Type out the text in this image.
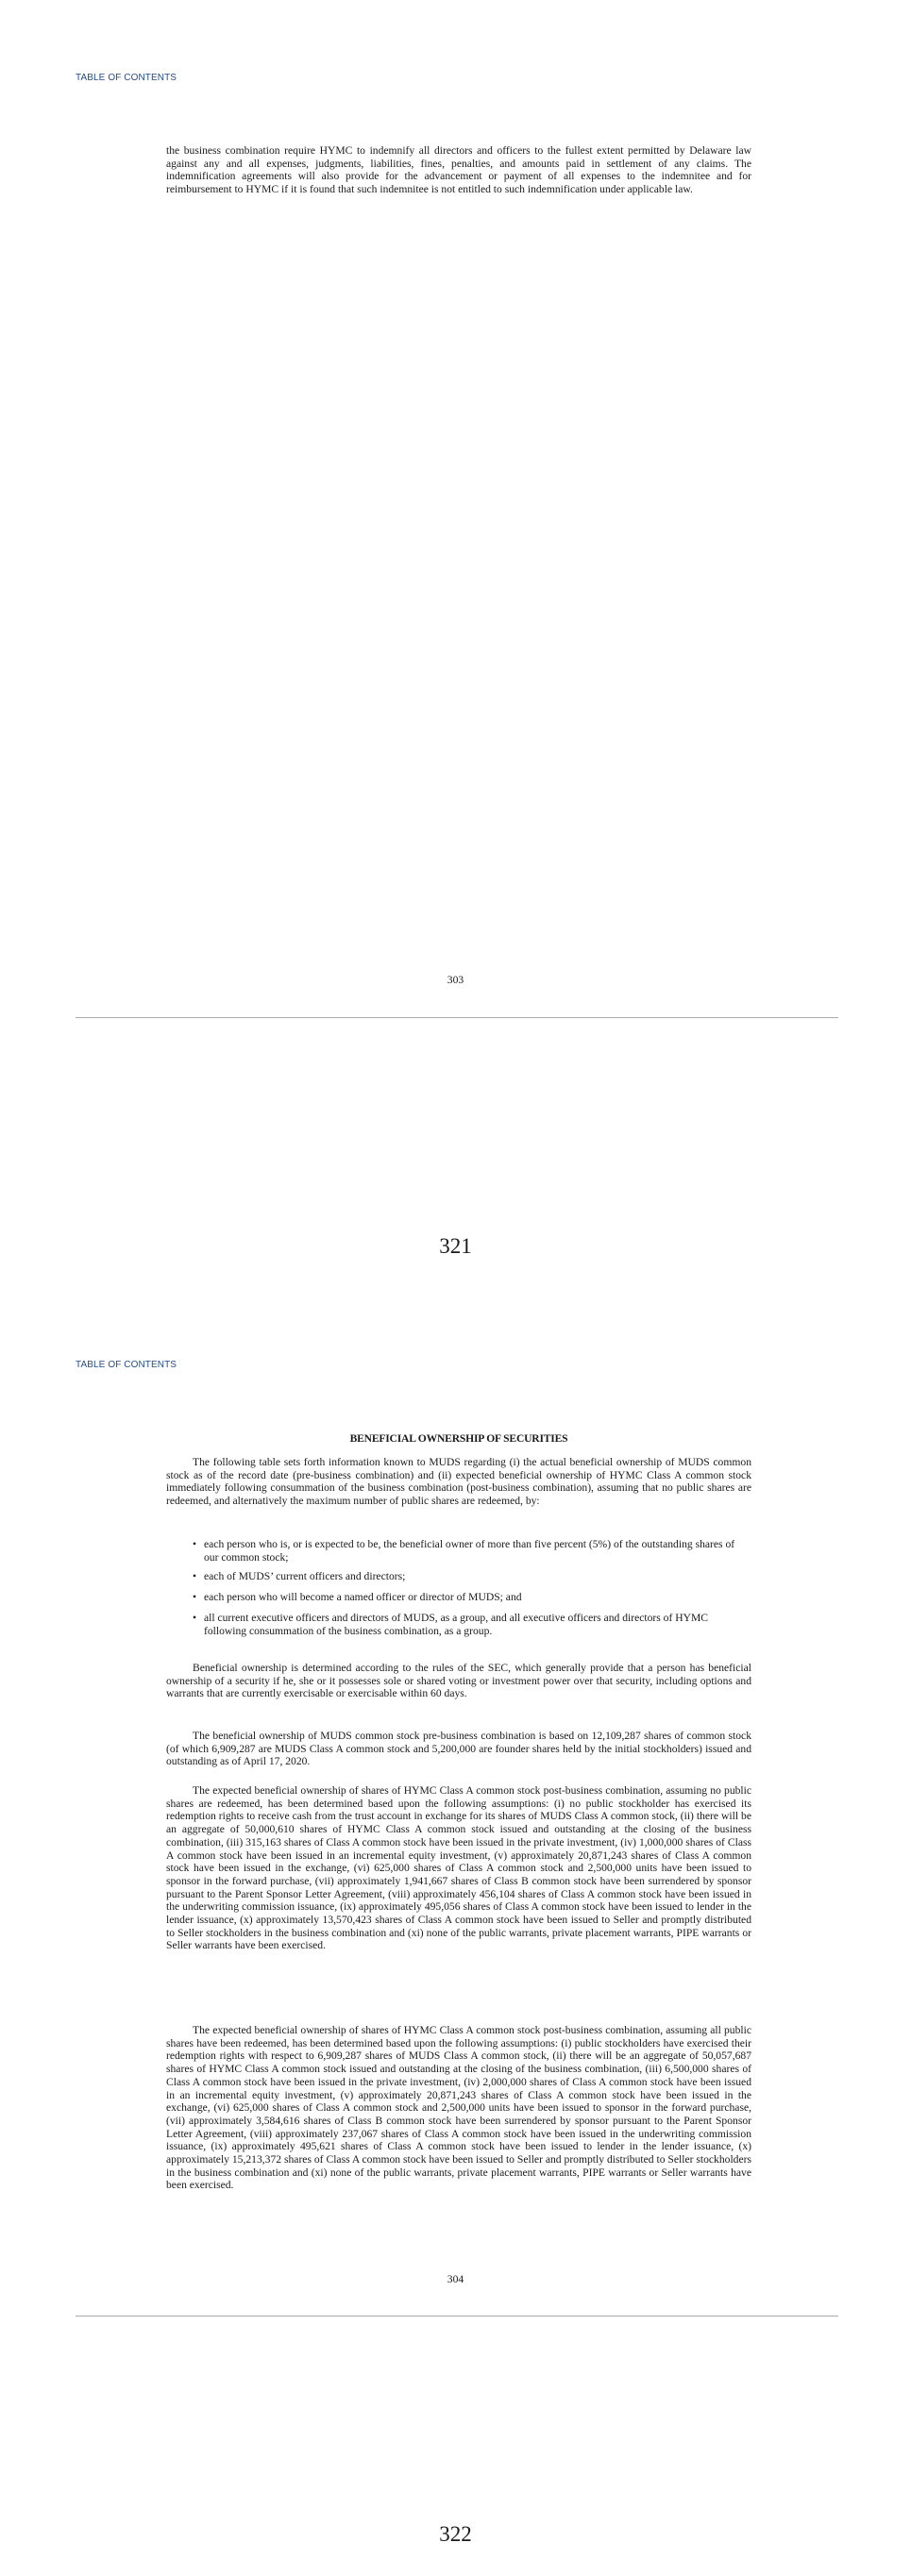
TABLE OF CONTENTS

the business combination require HYMC to indemnify all directors and officers to the fullest extent permitted by Delaware law against any and all expenses, judgments, liabilities, fines, penalties, and amounts paid in settlement of any claims. The indemnification agreements will also provide for the advancement or payment of all expenses to the indemnitee and for reimbursement to HYMC if it is found that such indemnitee is not entitled to such indemnification under applicable law.

303
321
TABLE OF CONTENTS
BENEFICIAL OWNERSHIP OF SECURITIES

The following table sets forth information known to MUDS regarding (i) the actual beneficial ownership of MUDS common stock as of the record date (pre-business combination) and (ii) expected beneficial ownership of HYMC Class A common stock immediately following consummation of the business combination (post-business combination), assuming that no public shares are redeemed, and alternatively the maximum number of public shares are redeemed, by:

• each person who is, or is expected to be, the beneficial owner of more than five percent (5%) of the outstanding shares of our common stock;
• each of MUDS’ current officers and directors;
• each person who will become a named officer or director of MUDS; and
• all current executive officers and directors of MUDS, as a group, and all executive officers and directors of HYMC following consummation of the business combination, as a group.

Beneficial ownership is determined according to the rules of the SEC, which generally provide that a person has beneficial ownership of a security if he, she or it possesses sole or shared voting or investment power over that security, including options and warrants that are currently exercisable or exercisable within 60 days.

The beneficial ownership of MUDS common stock pre-business combination is based on 12,109,287 shares of common stock (of which 6,909,287 are MUDS Class A common stock and 5,200,000 are founder shares held by the initial stockholders) issued and outstanding as of April 17, 2020.

The expected beneficial ownership of shares of HYMC Class A common stock post-business combination, assuming no public shares are redeemed, has been determined based upon the following assumptions: (i) no public stockholder has exercised its redemption rights to receive cash from the trust account in exchange for its shares of MUDS Class A common stock, (ii) there will be an aggregate of 50,000,610 shares of HYMC Class A common stock issued and outstanding at the closing of the business combination, (iii) 315,163 shares of Class A common stock have been issued in the private investment, (iv) 1,000,000 shares of Class A common stock have been issued in an incremental equity investment, (v) approximately 20,871,243 shares of Class A common stock have been issued in the exchange, (vi) 625,000 shares of Class A common stock and 2,500,000 units have been issued to sponsor in the forward purchase, (vii) approximately 1,941,667 shares of Class B common stock have been surrendered by sponsor pursuant to the Parent Sponsor Letter Agreement, (viii) approximately 456,104 shares of Class A common stock have been issued in the underwriting commission issuance, (ix) approximately 495,056 shares of Class A common stock have been issued to lender in the lender issuance, (x) approximately 13,570,423 shares of Class A common stock have been issued to Seller and promptly distributed to Seller stockholders in the business combination and (xi) none of the public warrants, private placement warrants, PIPE warrants or Seller warrants have been exercised.

The expected beneficial ownership of shares of HYMC Class A common stock post-business combination, assuming all public shares have been redeemed, has been determined based upon the following assumptions: (i) public stockholders have exercised their redemption rights with respect to 6,909,287 shares of MUDS Class A common stock, (ii) there will be an aggregate of 50,057,687 shares of HYMC Class A common stock issued and outstanding at the closing of the business combination, (iii) 6,500,000 shares of Class A common stock have been issued in the private investment, (iv) 2,000,000 shares of Class A common stock have been issued in an incremental equity investment, (v) approximately 20,871,243 shares of Class A common stock have been issued in the exchange, (vi) 625,000 shares of Class A common stock and 2,500,000 units have been issued to sponsor in the forward purchase, (vii) approximately 3,584,616 shares of Class B common stock have been surrendered by sponsor pursuant to the Parent Sponsor Letter Agreement, (viii) approximately 237,067 shares of Class A common stock have been issued in the underwriting commission issuance, (ix) approximately 495,621 shares of Class A common stock have been issued to lender in the lender issuance, (x) approximately 15,213,372 shares of Class A common stock have been issued to Seller and promptly distributed to Seller stockholders in the business combination and (xi) none of the public warrants, private placement warrants, PIPE warrants or Seller warrants have been exercised.

304
322
